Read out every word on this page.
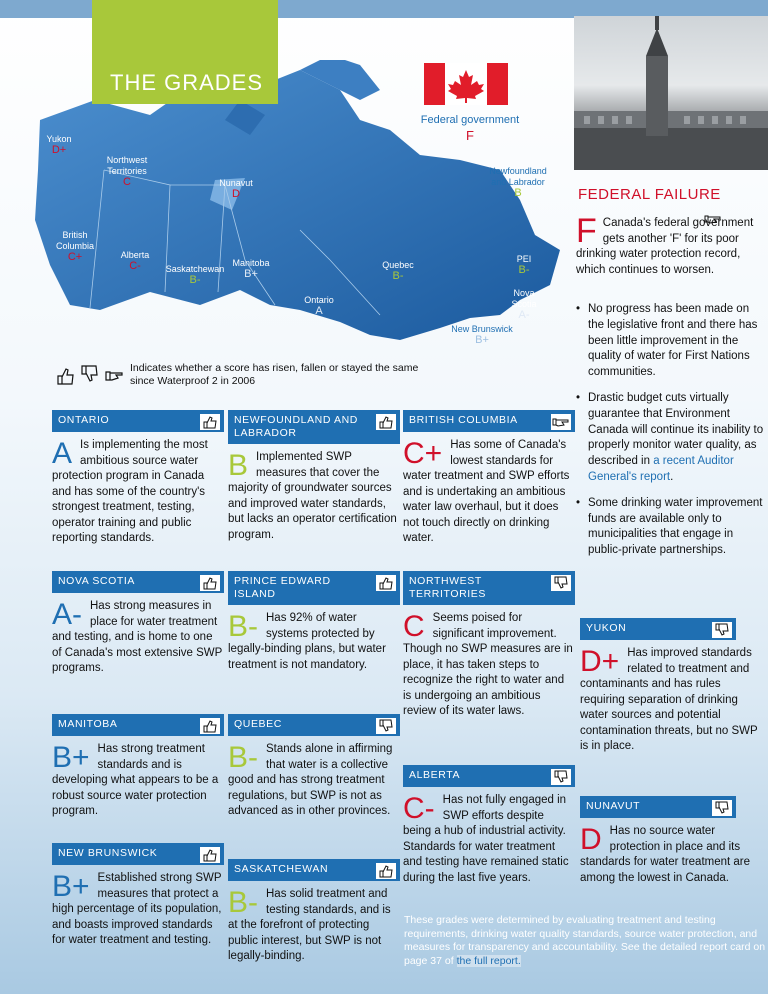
THE GRADES
Yukon
D+
Northwest
Territories
C	Nunavut
D
British
Columbia
C+	Alberta
C-	Saskatchewan
B-
Manitoba
B+
Ontario
A
Quebec
B-
Newfoundland
and Labrador
B
PEI
B-
Nova
Scotia
A-
New Brunswick
B+
Federal government
F
Indicates whether a score has risen, fallen or stayed the same since Waterproof 2 in 2006
ONTARIO
A Is implementing the most ambitious source water protection program in Canada and has some of the country's strongest treatment, testing, operator training and public reporting standards.
NOVA SCOTIA
A- Has strong measures in place for water treatment and testing, and is home to one of Canada's most extensive SWP programs.
MANITOBA
B+ Has strong treatment standards and is developing what appears to be a robust source water protection program.
NEW BRUNSWICK
B+ Established strong SWP measures that protect a high percentage of its population, and boasts improved standards for water treatment and testing.
NEWFOUNDLAND AND LABRADOR
B Implemented SWP measures that cover the majority of groundwater sources and improved water standards, but lacks an operator certification program.
PRINCE EDWARD ISLAND
B- Has 92% of water systems protected by legally-binding plans, but water treatment is not mandatory.
QUEBEC
B- Stands alone in affirming that water is a collective good and has strong treatment regulations, but SWP is not as advanced as in other provinces.
SASKATCHEWAN
B- Has solid treatment and testing standards, and is at the forefront of protecting public interest, but SWP is not legally-binding.
BRITISH COLUMBIA
C+ Has some of Canada's lowest standards for water treatment and SWP efforts and is undertaking an ambitious water law overhaul, but it does not touch directly on drinking water.
NORTHWEST TERRITORIES
C Seems poised for significant improvement. Though no SWP measures are in place, it has taken steps to recognize the right to water and is undergoing an ambitious review of its water laws.
ALBERTA
C- Has not fully engaged in SWP efforts despite being a hub of industrial activity. Standards for water treatment and testing have remained static during the last five years.
FEDERAL FAILURE
F Canada's federal government gets another 'F' for its poor drinking water protection record, which continues to worsen.
• No progress has been made on the legislative front and there has been little improvement in the quality of water for First Nations communities.
• Drastic budget cuts virtually guarantee that Environment Canada will continue its inability to properly monitor water quality, as described in a recent Auditor General's report.
• Some drinking water improvement funds are available only to municipalities that engage in public-private partnerships.
YUKON
D+ Has improved standards related to treatment and contaminants and has rules requiring separation of drinking water sources and potential contamination threats, but no SWP is in place.
NUNAVUT
D Has no source water protection in place and its standards for water treatment are among the lowest in Canada.
These grades were determined by evaluating treatment and testing requirements, drinking water quality standards, source water protection, and measures for transparency and accountability. See the detailed report card on page 37 of the full report.
